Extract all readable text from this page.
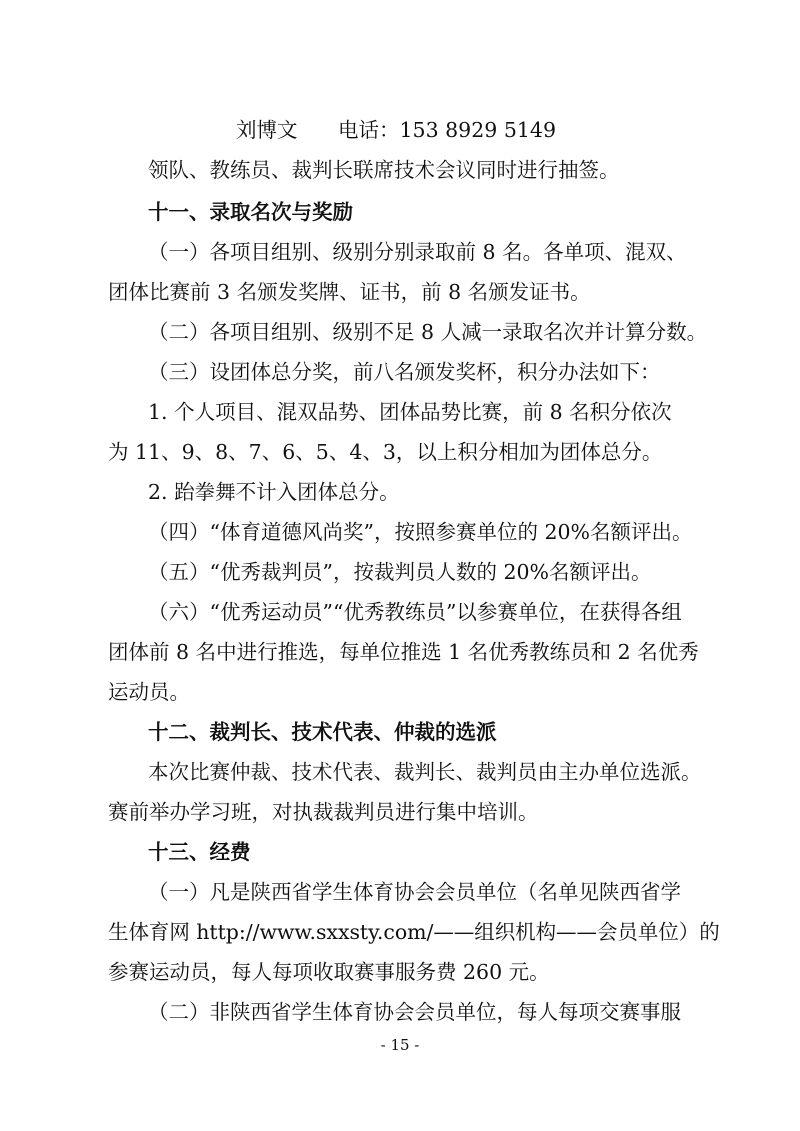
刘博文 电话：153 8929 5149
领队、教练员、裁判长联席技术会议同时进行抽签。
十一、录取名次与奖励
（一）各项目组别、级别分别录取前 8 名。各单项、混双、
团体比赛前 3 名颁发奖牌、证书，前 8 名颁发证书。
（二）各项目组别、级别不足 8 人减一录取名次并计算分数。
（三）设团体总分奖，前八名颁发奖杯，积分办法如下：
1. 个人项目、混双品势、团体品势比赛，前 8 名积分依次
为 11、9、8、7、6、5、4、3，以上积分相加为团体总分。
2. 跆拳舞不计入团体总分。
（四）“体育道德风尚奖”，按照参赛单位的 20%名额评出。
（五）“优秀裁判员”，按裁判员人数的 20%名额评出。
（六）“优秀运动员”“优秀教练员”以参赛单位，在获得各组
团体前 8 名中进行推选，每单位推选 1 名优秀教练员和 2 名优秀
运动员。
十二、裁判长、技术代表、仲裁的选派
本次比赛仲裁、技术代表、裁判长、裁判员由主办单位选派。
赛前举办学习班，对执裁裁判员进行集中培训。
十三、经费
（一）凡是陕西省学生体育协会会员单位（名单见陕西省学
生体育网 http://www.sxxsty.com/——组织机构——会员单位）的
参赛运动员，每人每项收取赛事服务费 260 元。
（二）非陕西省学生体育协会会员单位，每人每项交赛事服
- 15 -
